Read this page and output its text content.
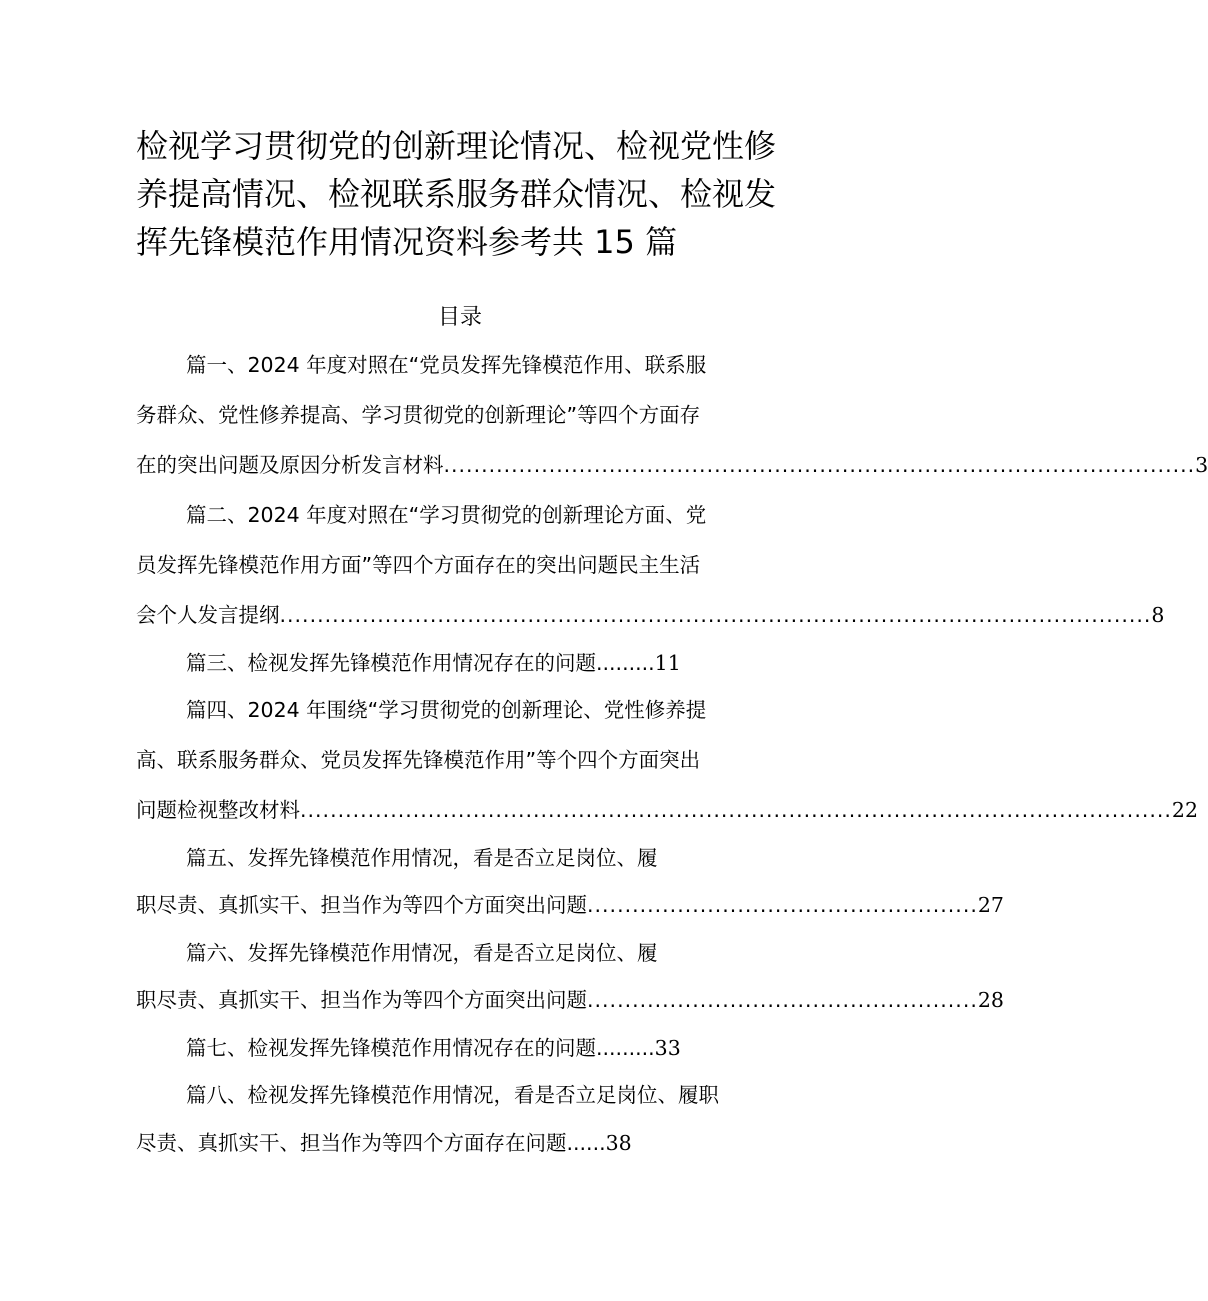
检视学习贯彻党的创新理论情况、检视党性修
养提高情况、检视联系服务群众情况、检视发
挥先锋模范作用情况资料参考共 15 篇
目录
篇一、2024 年度对照在“党员发挥先锋模范作用、联系服
务群众、党性修养提高、学习贯彻党的创新理论”等四个方面存
在的突出问题及原因分析发言材料 .................................................................................................... 3
篇二、2024 年度对照在“学习贯彻党的创新理论方面、党
员发挥先锋模范作用方面”等四个方面存在的突出问题民主生活
会个人发言提纲 .................................................................................................................... 8
篇三、检视发挥先锋模范作用情况存在的问题.........11
篇四、2024 年围绕“学习贯彻党的创新理论、党性修养提
高、联系服务群众、党员发挥先锋模范作用”等个四个方面突出
问题检视整改材料 .................................................................................................................... 22
篇五、发挥先锋模范作用情况，看是否立足岗位、履
职尽责、真抓实干、担当作为等四个方面突出问题 .................................................... 27
篇六、发挥先锋模范作用情况，看是否立足岗位、履
职尽责、真抓实干、担当作为等四个方面突出问题 .................................................... 28
篇七、检视发挥先锋模范作用情况存在的问题.........33
篇八、检视发挥先锋模范作用情况，看是否立足岗位、履职
尽责、真抓实干、担当作为等四个方面存在问题......38
